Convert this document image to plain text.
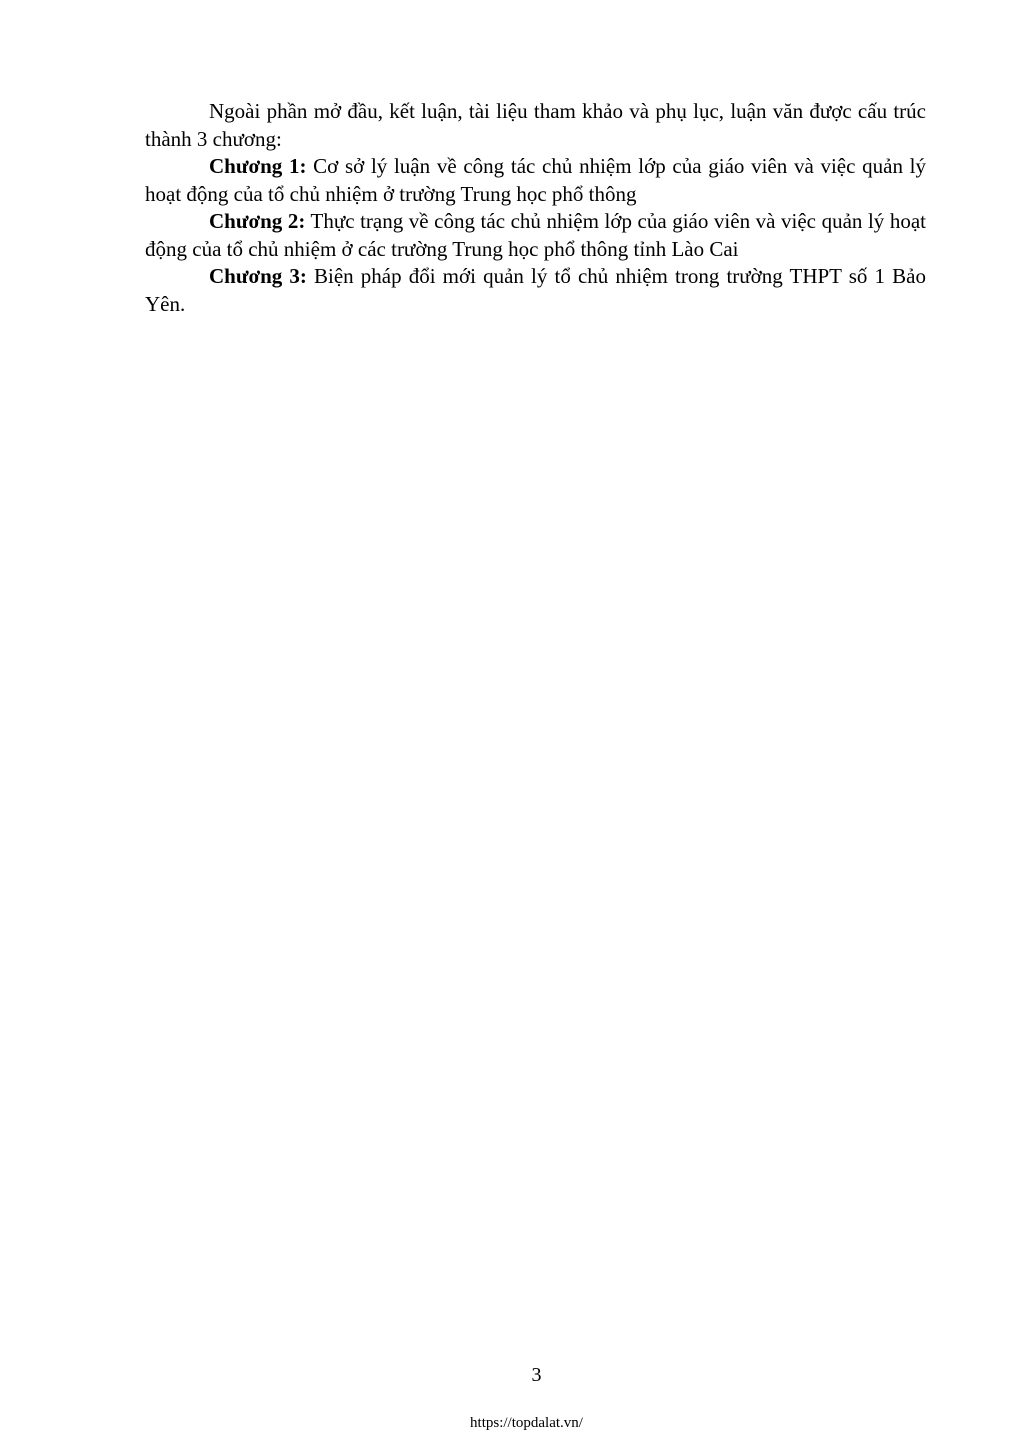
Ngoài phần mở đầu, kết luận, tài liệu tham khảo và phụ lục, luận văn được cấu trúc thành 3 chương:

Chương 1: Cơ sở lý luận về công tác chủ nhiệm lớp của giáo viên và việc quản lý hoạt động của tổ chủ nhiệm ở trường Trung học phổ thông

Chương 2: Thực trạng về công tác chủ nhiệm lớp của giáo viên và việc quản lý hoạt động của tổ chủ nhiệm ở các trường Trung học phổ thông tỉnh Lào Cai

Chương 3: Biện pháp đổi mới quản lý tổ chủ nhiệm trong trường THPT số 1 Bảo Yên.

3
https://topdalat.vn/
